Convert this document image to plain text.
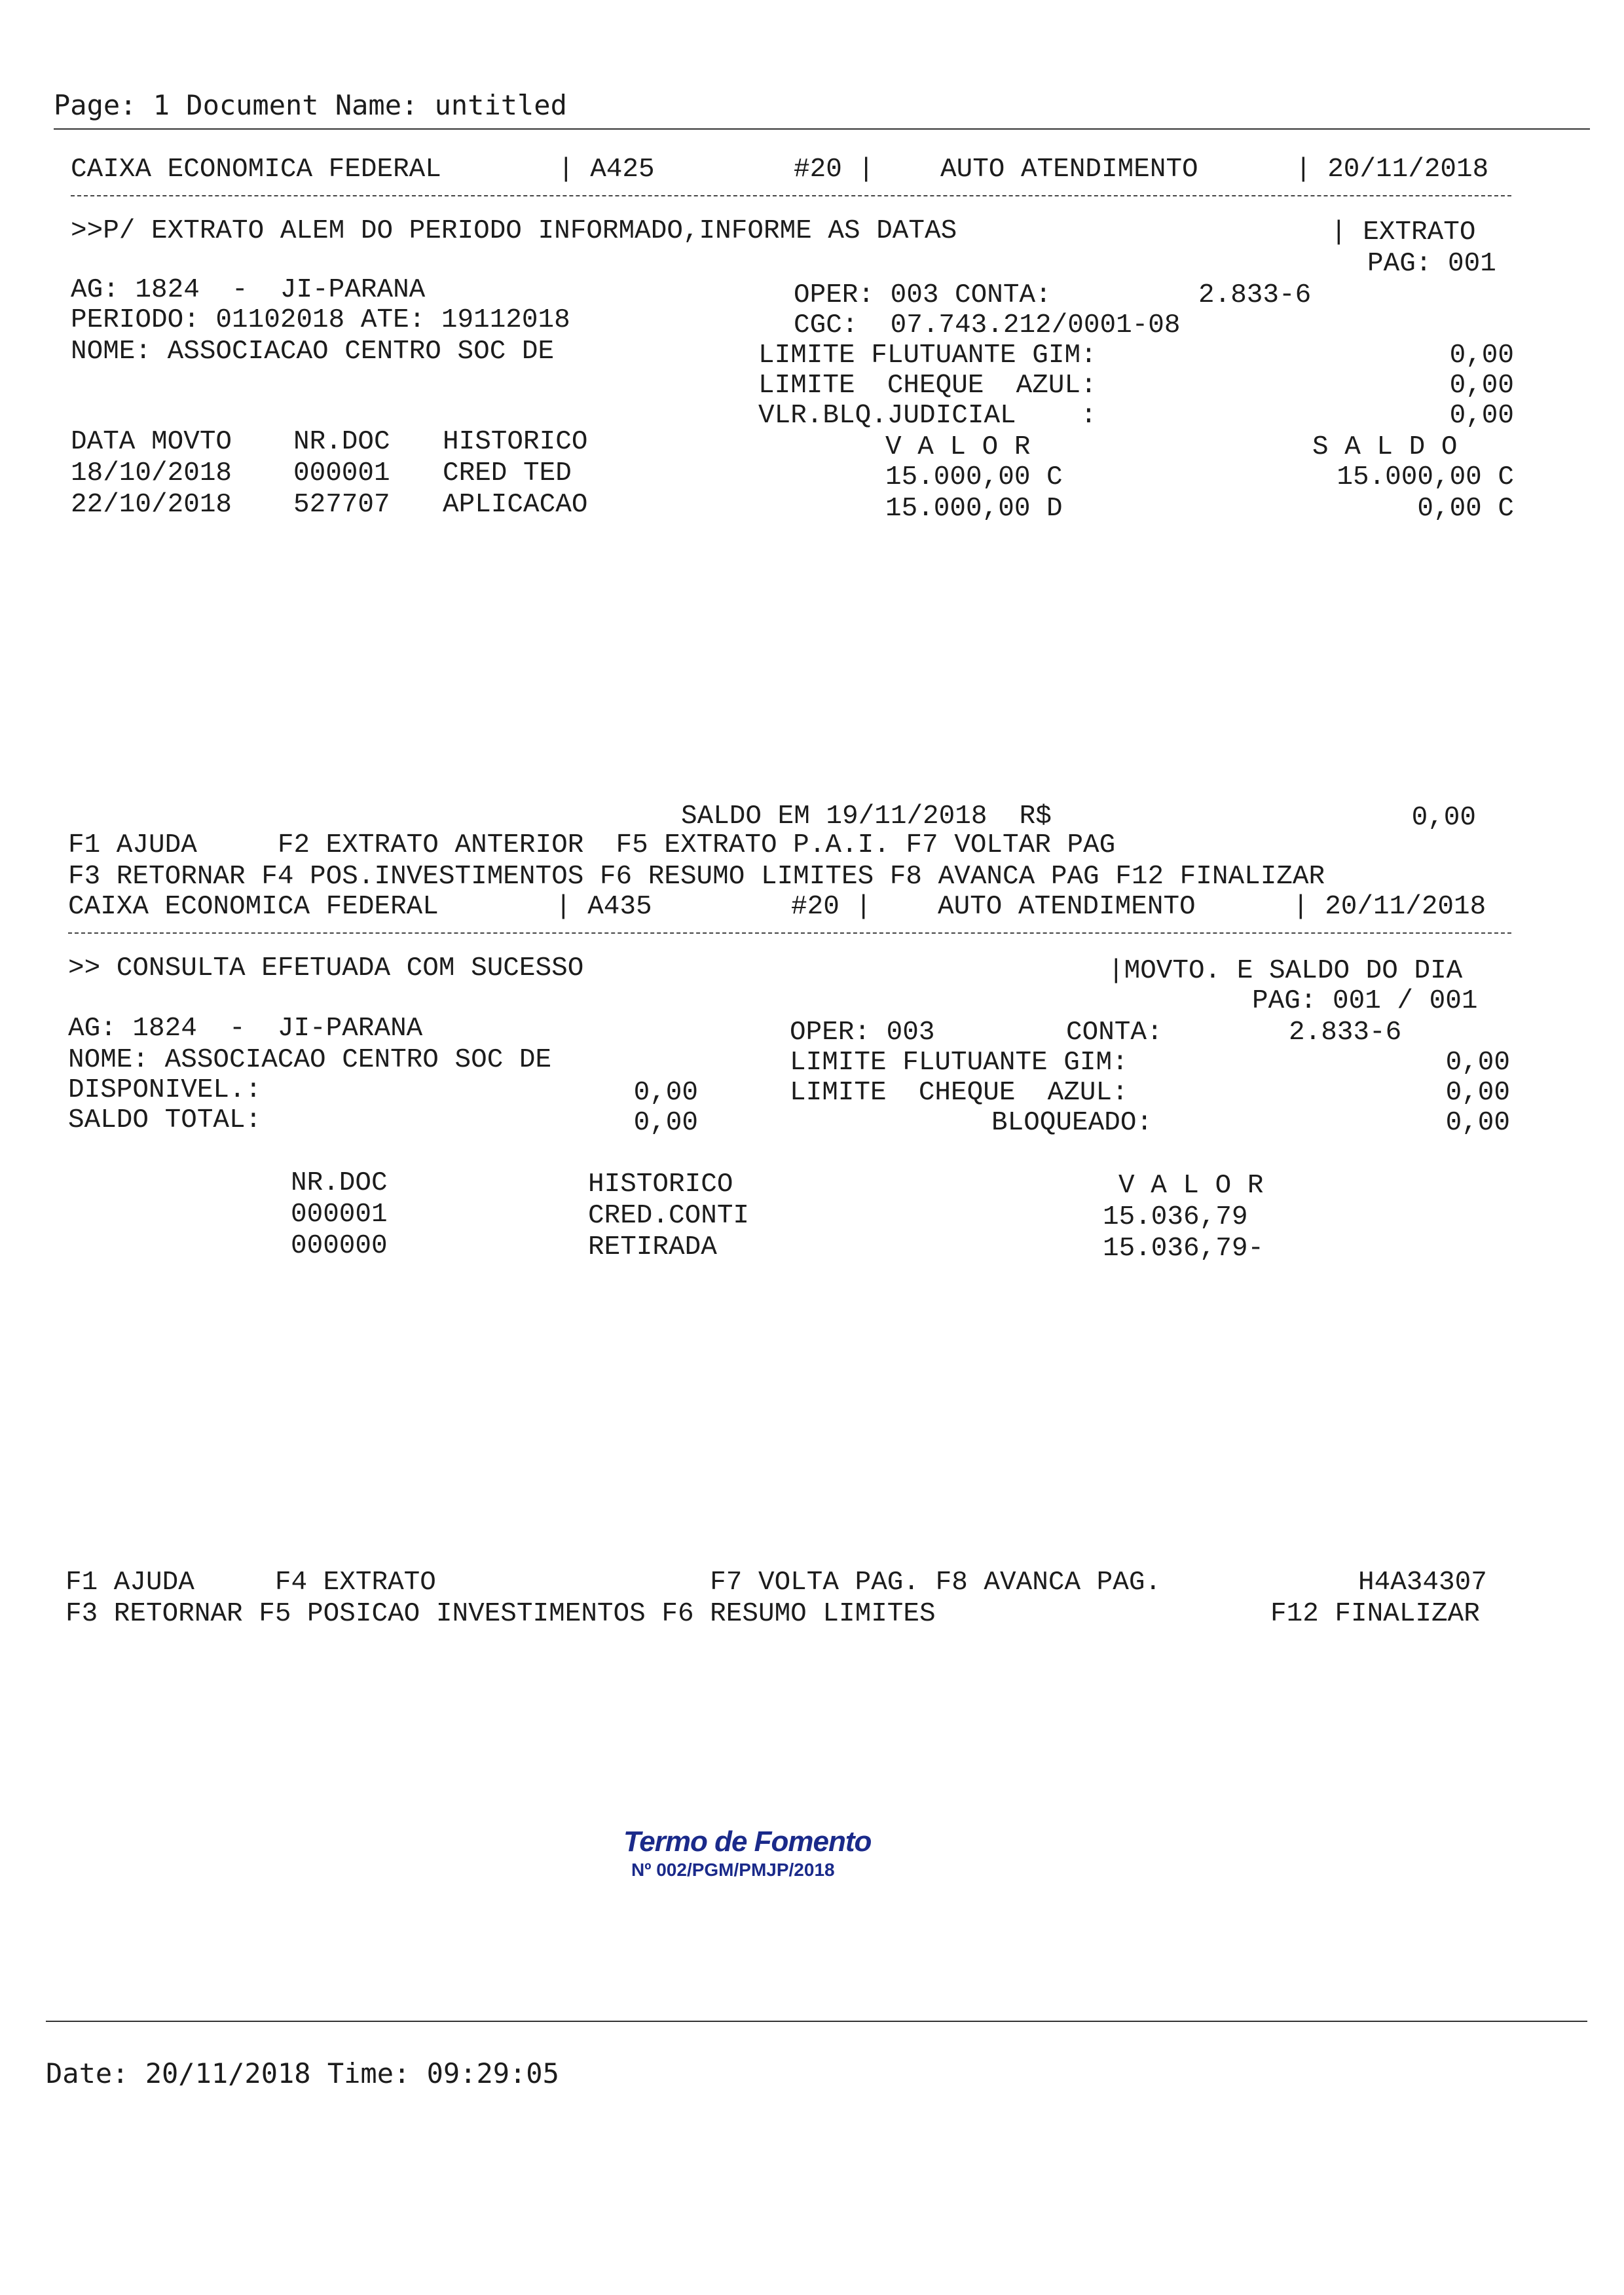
Page: 1 Document Name: untitled
CAIXA ECONOMICA FEDERAL	| A425	#20 | AUTO ATENDIMENTO	| 20/11/2018
>>P/ EXTRATO ALEM DO PERIODO INFORMADO,INFORME AS DATAS	| EXTRATO
PAG: 001
AG: 1824  -  JI-PARANA	OPER: 003 CONTA:	2.833-6
PERIODO: 01102018 ATE: 19112018	CGC:  07.743.212/0001-08
NOME: ASSOCIACAO CENTRO SOC DE	LIMITE FLUTUANTE GIM:	0,00
LIMITE  CHEQUE  AZUL:	0,00
VLR.BLQ.JUDICIAL    :	0,00
DATA MOVTO NR.DOC HISTORICO	V A L O R	S A L D O
18/10/2018 000001 CRED TED	15.000,00 C	15.000,00 C
22/10/2018 527707 APLICACAO	15.000,00 D	0,00 C
SALDO EM 19/11/2018  R$	0,00
F1 AJUDA     F2 EXTRATO ANTERIOR  F5 EXTRATO P.A.I. F7 VOLTAR PAG
F3 RETORNAR F4 POS.INVESTIMENTOS F6 RESUMO LIMITES F8 AVANCA PAG F12 FINALIZAR
CAIXA ECONOMICA FEDERAL	| A435	#20 | AUTO ATENDIMENTO	| 20/11/2018
>> CONSULTA EFETUADA COM SUCESSO	|MOVTO. E SALDO DO DIA
PAG: 001 / 001
AG: 1824  -  JI-PARANA	OPER: 003	CONTA:	2.833-6
NOME: ASSOCIACAO CENTRO SOC DE	LIMITE FLUTUANTE GIM:	0,00
DISPONIVEL.:	0,00	LIMITE  CHEQUE  AZUL:	0,00
SALDO TOTAL:	0,00	BLOQUEADO:	0,00
NR.DOC	HISTORICO	V A L O R
000001	CRED.CONTI	15.036,79
000000	RETIRADA	15.036,79-
F1 AJUDA     F4 EXTRATO                 F7 VOLTA PAG. F8 AVANCA PAG.	H4A34307
F3 RETORNAR F5 POSICAO INVESTIMENTOS F6 RESUMO LIMITES	F12 FINALIZAR
Termo de Fomento
Nº 002/PGM/PMJP/2018
Date: 20/11/2018 Time: 09:29:05
